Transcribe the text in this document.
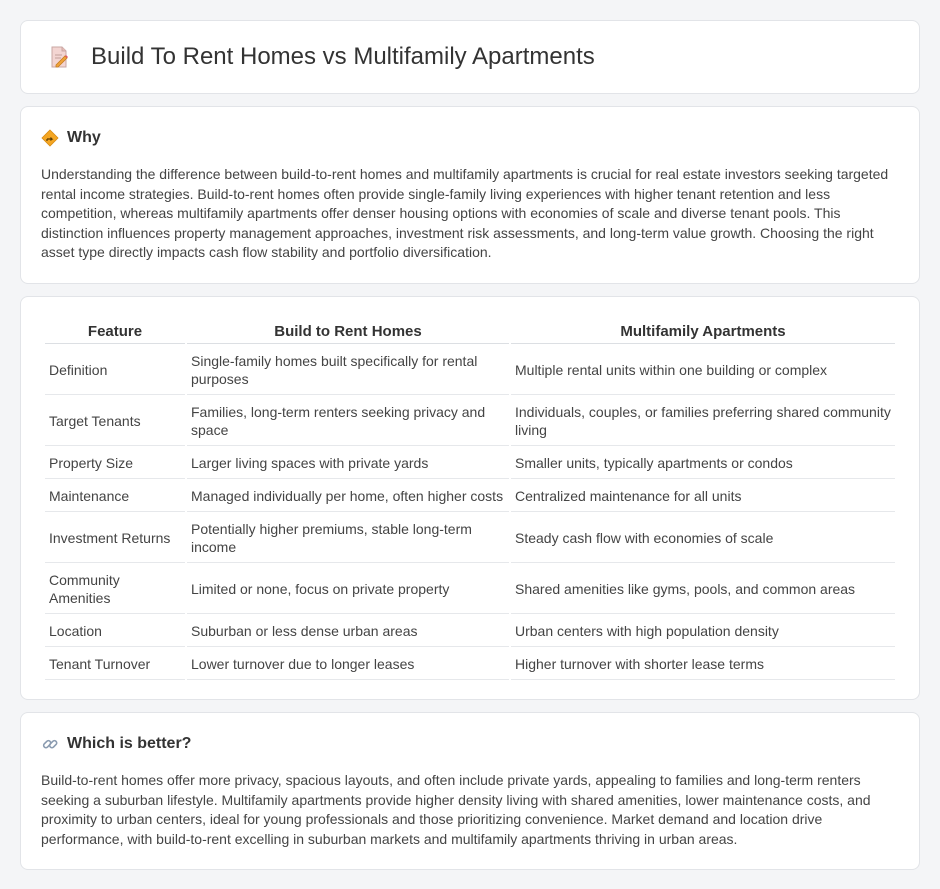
Build To Rent Homes vs Multifamily Apartments
Why

Understanding the difference between build-to-rent homes and multifamily apartments is crucial for real estate investors seeking targeted rental income strategies. Build-to-rent homes often provide single-family living experiences with higher tenant retention and less competition, whereas multifamily apartments offer denser housing options with economies of scale and diverse tenant pools. This distinction influences property management approaches, investment risk assessments, and long-term value growth. Choosing the right asset type directly impacts cash flow stability and portfolio diversification.

Feature	Build to Rent Homes	Multifamily Apartments
Definition	Single-family homes built specifically for rental purposes	Multiple rental units within one building or complex
Target Tenants	Families, long-term renters seeking privacy and space	Individuals, couples, or families preferring shared community living
Property Size	Larger living spaces with private yards	Smaller units, typically apartments or condos
Maintenance	Managed individually per home, often higher costs	Centralized maintenance for all units
Investment Returns	Potentially higher premiums, stable long-term income	Steady cash flow with economies of scale
Community Amenities	Limited or none, focus on private property	Shared amenities like gyms, pools, and common areas
Location	Suburban or less dense urban areas	Urban centers with high population density
Tenant Turnover	Lower turnover due to longer leases	Higher turnover with shorter lease terms
Which is better?

Build-to-rent homes offer more privacy, spacious layouts, and often include private yards, appealing to families and long-term renters seeking a suburban lifestyle. Multifamily apartments provide higher density living with shared amenities, lower maintenance costs, and proximity to urban centers, ideal for young professionals and those prioritizing convenience. Market demand and location drive performance, with build-to-rent excelling in suburban markets and multifamily apartments thriving in urban areas.
